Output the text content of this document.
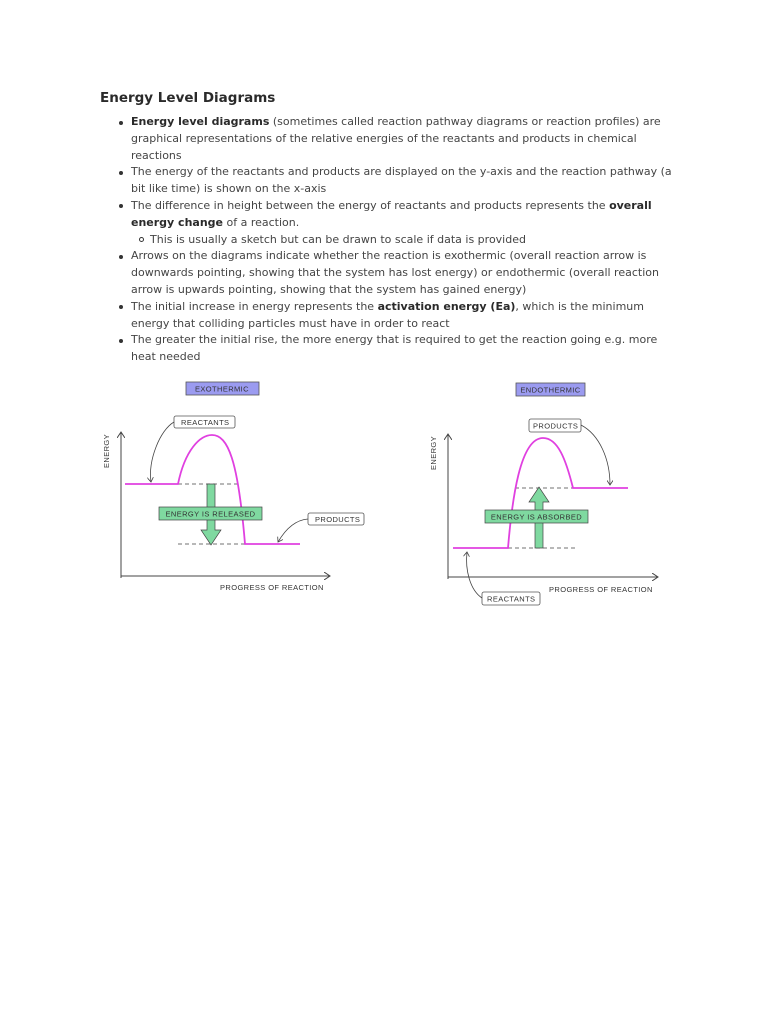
Energy Level Diagrams
Energy level diagrams (sometimes called reaction pathway diagrams or reaction profiles) are graphical representations of the relative energies of the reactants and products in chemical reactions
The energy of the reactants and products are displayed on the y-axis and the reaction pathway (a bit like time) is shown on the x-axis
The difference in height between the energy of reactants and products represents the overall energy change of a reaction.
This is usually a sketch but can be drawn to scale if data is provided
Arrows on the diagrams indicate whether the reaction is exothermic (overall reaction arrow is downwards pointing, showing that the system has lost energy) or endothermic (overall reaction arrow is upwards pointing, showing that the system has gained energy)
The initial increase in energy represents the activation energy (Ea), which is the minimum energy that colliding particles must have in order to react
The greater the initial rise, the more energy that is required to get the reaction going e.g. more heat needed
EXOTHERMIC
ENERGY
PROGRESS OF REACTION
ENERGY IS RELEASED
REACTANTS
PRODUCTS
ENDOTHERMIC
ENERGY
PROGRESS OF REACTION
ENERGY IS ABSORBED
PRODUCTS
REACTANTS
